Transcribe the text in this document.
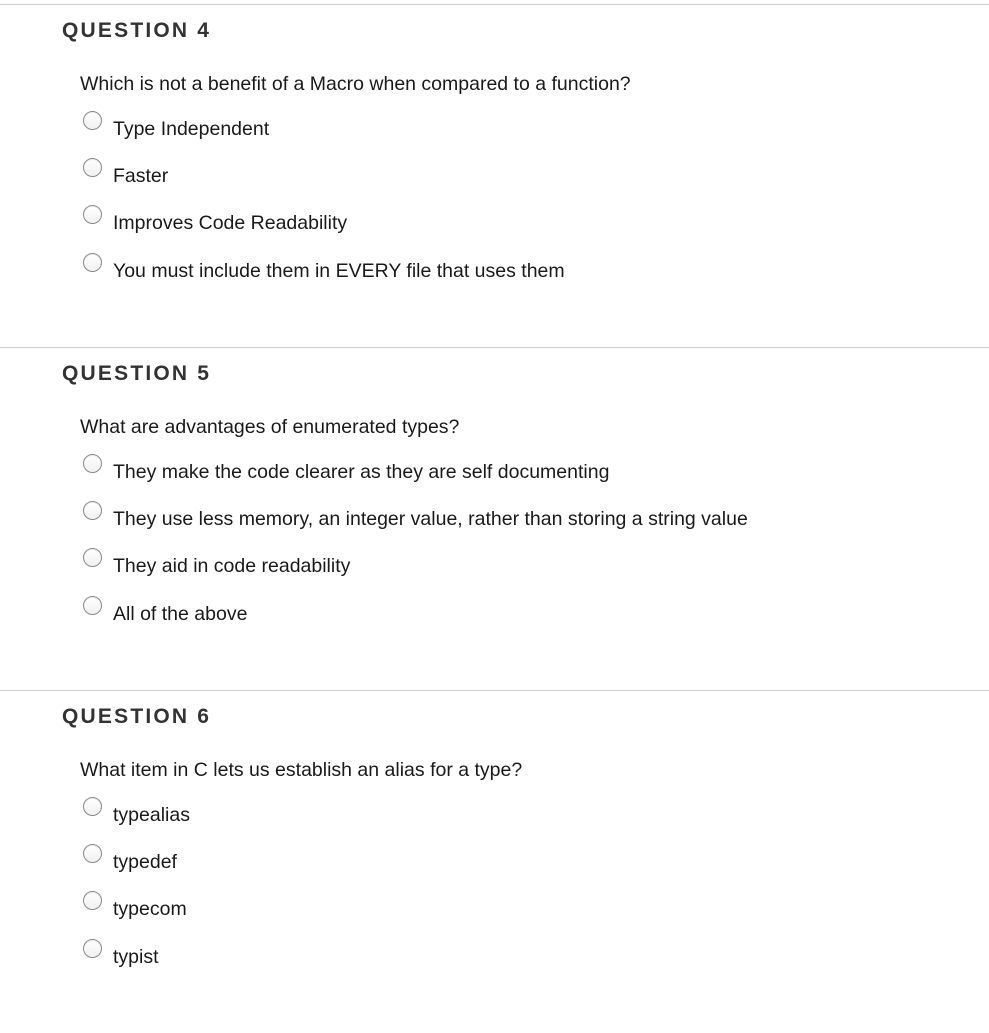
QUESTION 4

Which is not a benefit of a Macro when compared to a function?

Type Independent
Faster
Improves Code Readability
You must include them in EVERY file that uses them
QUESTION 5

What are advantages of enumerated types?

They make the code clearer as they are self documenting
They use less memory, an integer value, rather than storing a string value
They aid in code readability
All of the above
QUESTION 6

What item in C lets us establish an alias for a type?

typealias
typedef
typecom
typist
